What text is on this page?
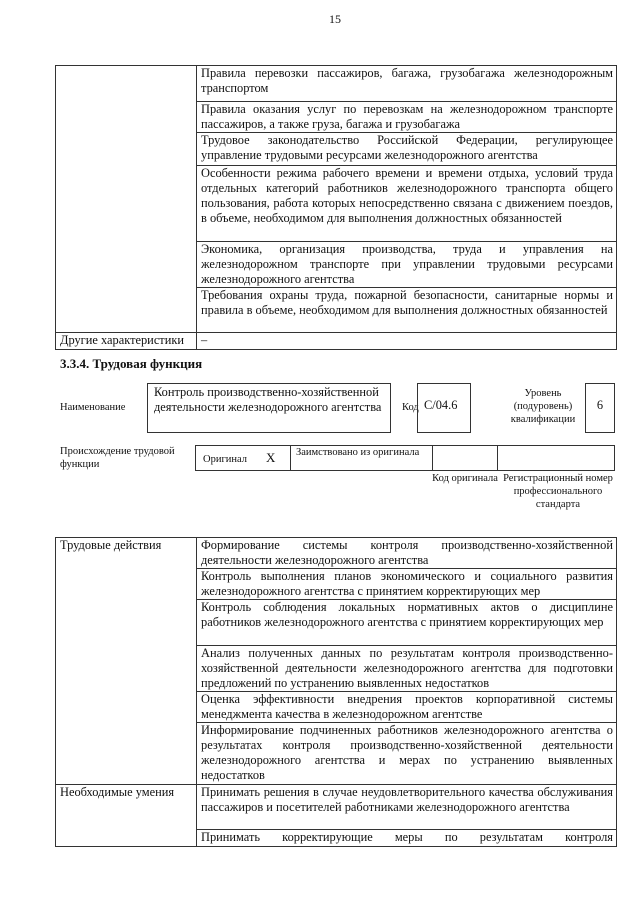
15
	Правила перевозки пассажиров, багажа, грузобагажа железнодорожным транспортом
	Правила оказания услуг по перевозкам на железнодорожном транспорте пассажиров, а также груза, багажа и грузобагажа
	Трудовое законодательство Российской Федерации, регулирующее управление трудовыми ресурсами железнодорожного агентства
	Особенности режима рабочего времени и времени отдыха, условий труда отдельных категорий работников железнодорожного транспорта общего пользования, работа которых непосредственно связана с движением поездов, в объеме, необходимом для выполнения должностных обязанностей
	Экономика, организация производства, труда и управления на железнодорожном транспорте при управлении трудовыми ресурсами железнодорожного агентства
	Требования охраны труда, пожарной безопасности, санитарные нормы и правила в объеме, необходимом для выполнения должностных обязанностей
Другие характеристики	–
3.3.4. Трудовая функция
Наименование
Контроль производственно-хозяйственной деятельности железнодорожного агентства	Код C/04.6
Уровень (подуровень) квалификации
6
Происхождение трудовой функции	Оригинал X	Заимствовано из оригинала
Код оригинала Регистрационный номер профессионального стандарта
Трудовые действия	Формирование системы контроля производственно-хозяйственной деятельности железнодорожного агентства
	Контроль выполнения планов экономического и социального развития железнодорожного агентства с принятием корректирующих мер
	Контроль соблюдения локальных нормативных актов о дисциплине работников железнодорожного агентства с принятием корректирующих мер
	Анализ полученных данных по результатам контроля производственно-хозяйственной деятельности железнодорожного агентства для подготовки предложений по устранению выявленных недостатков
	Оценка эффективности внедрения проектов корпоративной системы менеджмента качества в железнодорожном агентстве
	Информирование подчиненных работников железнодорожного агентства о результатах контроля производственно-хозяйственной деятельности железнодорожного агентства и мерах по устранению выявленных недостатков
Необходимые умения	Принимать решения в случае неудовлетворительного качества обслуживания пассажиров и посетителей работниками железнодорожного агентства
	Принимать корректирующие меры по результатам контроля
